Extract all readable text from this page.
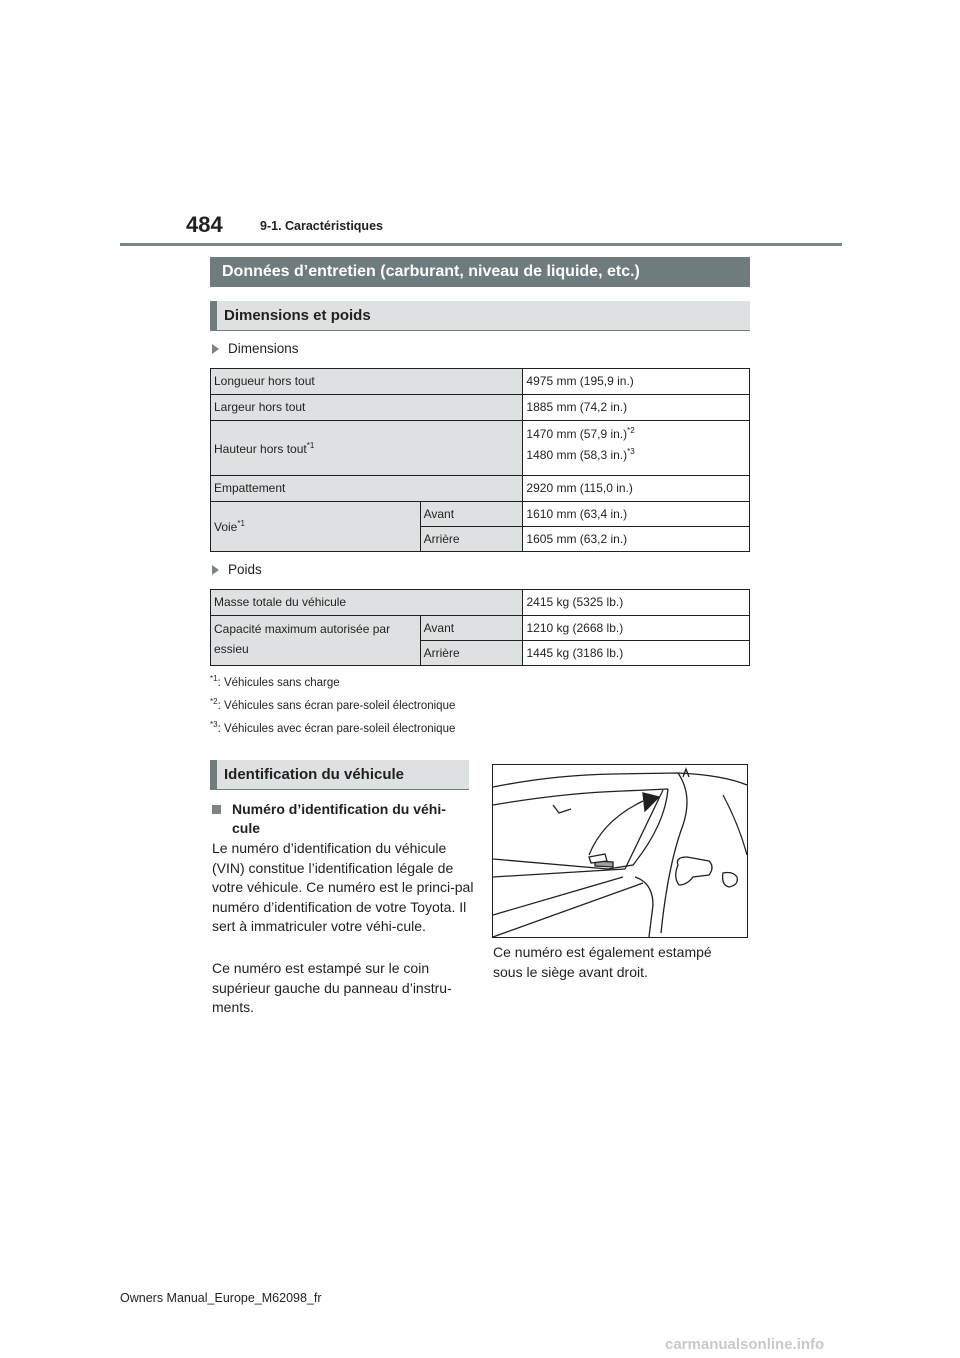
484	9-1. Caractéristiques
Données d’entretien (carburant, niveau de liquide, etc.)
Dimensions et poids
Dimensions
Longueur hors tout		4975 mm (195,9 in.)

Largeur hors tout		1885 mm (74,2 in.)

Hauteur hors tout$^{*1}$		1470 mm (57,9 in.)$^{*2}$
1480 mm (58,3 in.)$^{*3}$

Empattement		2920 mm (115,0 in.)

Voie$^{*1}$	Avant	1610 mm (63,4 in.)

	Arrière	1605 mm (63,2 in.)
Poids
Masse totale du véhicule		2415 kg (5325 lb.)

Capacité maximum autorisée par essieu	Avant	1210 kg (2668 lb.)

	Arrière	1445 kg (3186 lb.)
$^{*1}$: Véhicules sans charge
$^{*2}$: Véhicules sans écran pare-soleil électronique
$^{*3}$: Véhicules avec écran pare-soleil électronique
Identification du véhicule
Numéro d’identification du véhi-cule
Le numéro d’identification du véhicule (VIN) constitue l’identification légale de votre véhicule. Ce numéro est le princi-pal numéro d’identification de votre Toyota. Il sert à immatriculer votre véhi-cule.
Ce numéro est estampé sur le coin supérieur gauche du panneau d’instru-ments.
Ce numéro est également estampé sous le siège avant droit.
Owners Manual_Europe_M62098_fr
carmanualsonline.info
